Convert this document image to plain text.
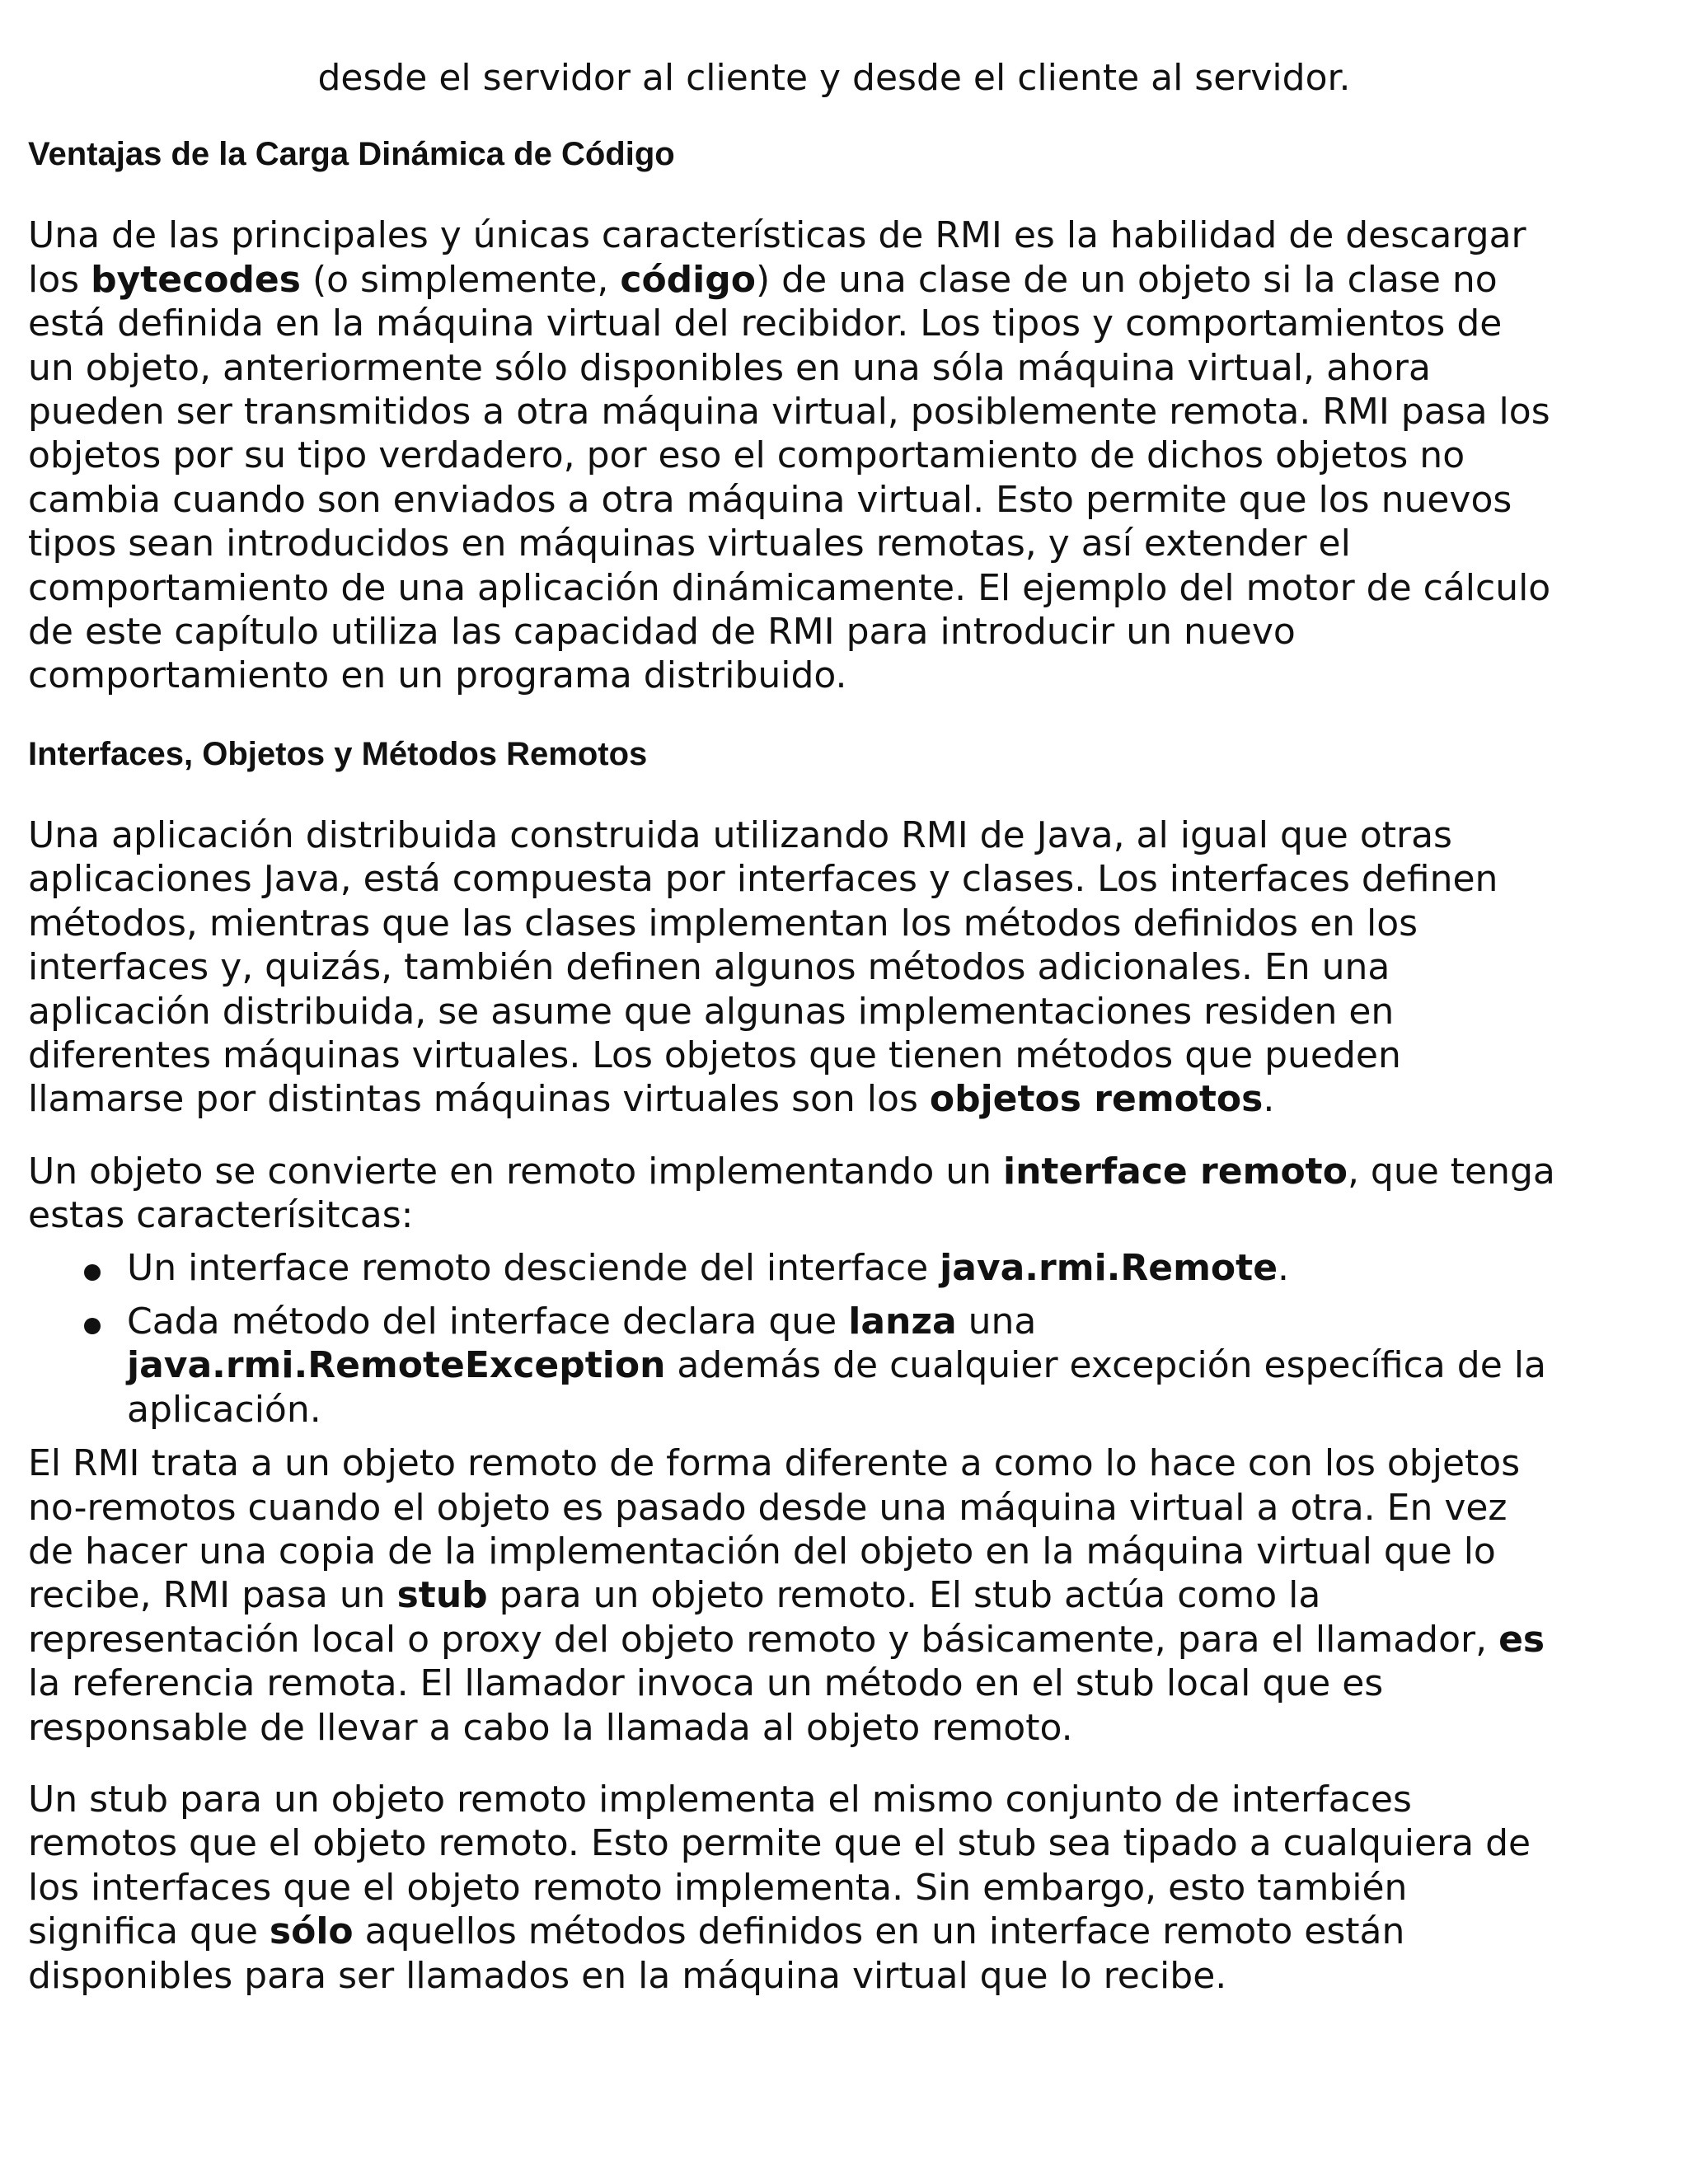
desde el servidor al cliente y desde el cliente al servidor.
Ventajas de la Carga Dinámica de Código
Una de las principales y únicas características de RMI es la habilidad de descargar
los bytecodes (o simplemente, código) de una clase de un objeto si la clase no
está definida en la máquina virtual del recibidor. Los tipos y comportamientos de
un objeto, anteriormente sólo disponibles en una sóla máquina virtual, ahora
pueden ser transmitidos a otra máquina virtual, posiblemente remota. RMI pasa los
objetos por su tipo verdadero, por eso el comportamiento de dichos objetos no
cambia cuando son enviados a otra máquina virtual. Esto permite que los nuevos
tipos sean introducidos en máquinas virtuales remotas, y así extender el
comportamiento de una aplicación dinámicamente. El ejemplo del motor de cálculo
de este capítulo utiliza las capacidad de RMI para introducir un nuevo
comportamiento en un programa distribuido.
Interfaces, Objetos y Métodos Remotos
Una aplicación distribuida construida utilizando RMI de Java, al igual que otras
aplicaciones Java, está compuesta por interfaces y clases. Los interfaces definen
métodos, mientras que las clases implementan los métodos definidos en los
interfaces y, quizás, también definen algunos métodos adicionales. En una
aplicación distribuida, se asume que algunas implementaciones residen en
diferentes máquinas virtuales. Los objetos que tienen métodos que pueden
llamarse por distintas máquinas virtuales son los objetos remotos.
Un objeto se convierte en remoto implementando un interface remoto, que tenga
estas caracterísitcas:
Un interface remoto desciende del interface java.rmi.Remote.
Cada método del interface declara que lanza una
java.rmi.RemoteException además de cualquier excepción específica de la
aplicación.
El RMI trata a un objeto remoto de forma diferente a como lo hace con los objetos
no-remotos cuando el objeto es pasado desde una máquina virtual a otra. En vez
de hacer una copia de la implementación del objeto en la máquina virtual que lo
recibe, RMI pasa un stub para un objeto remoto. El stub actúa como la
representación local o proxy del objeto remoto y básicamente, para el llamador, es
la referencia remota. El llamador invoca un método en el stub local que es
responsable de llevar a cabo la llamada al objeto remoto.
Un stub para un objeto remoto implementa el mismo conjunto de interfaces
remotos que el objeto remoto. Esto permite que el stub sea tipado a cualquiera de
los interfaces que el objeto remoto implementa. Sin embargo, esto también
significa que sólo aquellos métodos definidos en un interface remoto están
disponibles para ser llamados en la máquina virtual que lo recibe.
